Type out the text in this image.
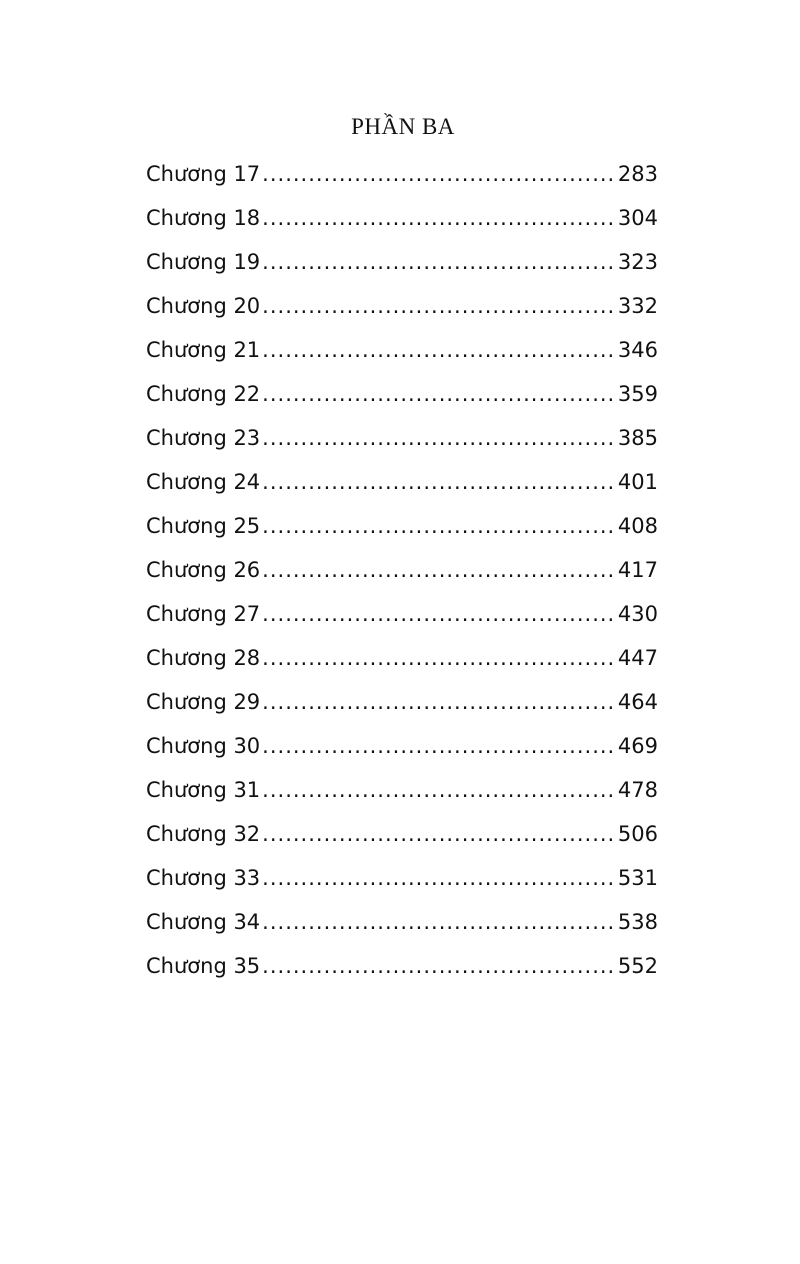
PHẦN BA
Chương 17 .....	283
Chương 18 .....	304
Chương 19 .....	323
Chương 20 .....	332
Chương 21 .....	346
Chương 22 .....	359
Chương 23 .....	385
Chương 24 .....	401
Chương 25 .....	408
Chương 26 .....	417
Chương 27 .....	430
Chương 28 .....	447
Chương 29 .....	464
Chương 30 .....	469
Chương 31 .....	478
Chương 32 .....	506
Chương 33 .....	531
Chương 34 .....	538
Chương 35 .....	552
